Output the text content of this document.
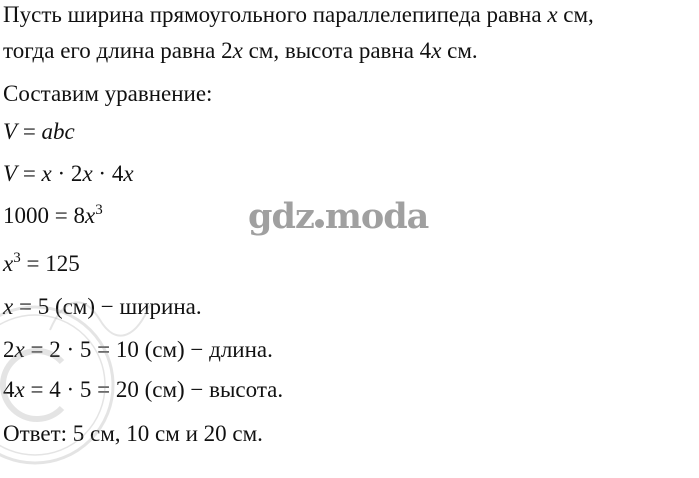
Пусть ширина прямоугольного параллелепипеда равна x см,
тогда его длина равна 2x см, высота равна 4x см.
Составим уравнение:
V = abc
V = x · 2x · 4x
$1000 = 8x^3$
$x^3 = 125$
x = 5 (см) − ширина.
2x = 2 · 5 = 10 (см) − длина.
4x = 4 · 5 = 20 (см) − высота.
Ответ: 5 см, 10 см и 20 см.
gdz moda
